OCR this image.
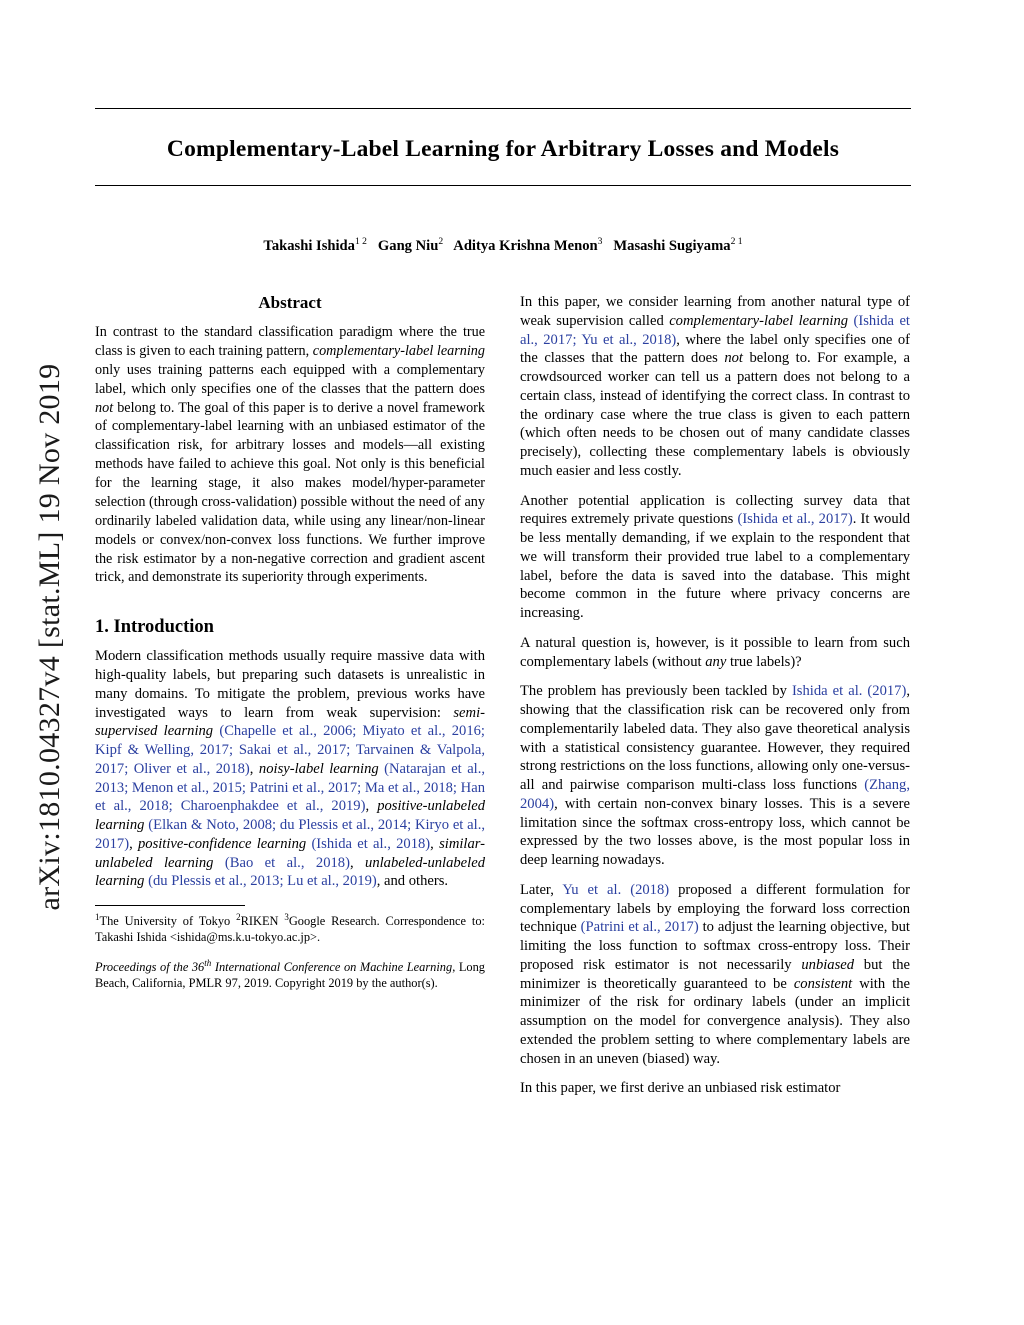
arXiv:1810.04327v4 [stat.ML] 19 Nov 2019
Complementary-Label Learning for Arbitrary Losses and Models
Takashi Ishida$^{1 2}$ Gang Niu$^2$ Aditya Krishna Menon$^3$ Masashi Sugiyama$^{2 1}$
Abstract

In contrast to the standard classification paradigm where the true class is given to each training pattern, complementary-label learning only uses training patterns each equipped with a complementary label, which only specifies one of the classes that the pattern does not belong to. The goal of this paper is to derive a novel framework of complementary-label learning with an unbiased estimator of the classification risk, for arbitrary losses and models—all existing methods have failed to achieve this goal. Not only is this beneficial for the learning stage, it also makes model/hyper-parameter selection (through cross-validation) possible without the need of any ordinarily labeled validation data, while using any linear/non-linear models or convex/non-convex loss functions. We further improve the risk estimator by a non-negative correction and gradient ascent trick, and demonstrate its superiority through experiments.

1. Introduction

Modern classification methods usually require massive data with high-quality labels, but preparing such datasets is unrealistic in many domains. To mitigate the problem, previous works have investigated ways to learn from weak supervision: semi-supervised learning (Chapelle et al., 2006; Miyato et al., 2016; Kipf & Welling, 2017; Sakai et al., 2017; Tarvainen & Valpola, 2017; Oliver et al., 2018), noisy-label learning (Natarajan et al., 2013; Menon et al., 2015; Patrini et al., 2017; Ma et al., 2018; Han et al., 2018; Charoenphakdee et al., 2019), positive-unlabeled learning (Elkan & Noto, 2008; du Plessis et al., 2014; Kiryo et al., 2017), positive-confidence learning (Ishida et al., 2018), similar-unlabeled learning (Bao et al., 2018), unlabeled-unlabeled learning (du Plessis et al., 2013; Lu et al., 2019), and others.

$^1$The University of Tokyo $^2$RIKEN $^3$Google Research. Correspondence to: Takashi Ishida <ishida@ms.k.u-tokyo.ac.jp>.

Proceedings of the 36th International Conference on Machine Learning, Long Beach, California, PMLR 97, 2019. Copyright 2019 by the author(s).

In this paper, we consider learning from another natural type of weak supervision called complementary-label learning (Ishida et al., 2017; Yu et al., 2018), where the label only specifies one of the classes that the pattern does not belong to. For example, a crowdsourced worker can tell us a pattern does not belong to a certain class, instead of identifying the correct class. In contrast to the ordinary case where the true class is given to each pattern (which often needs to be chosen out of many candidate classes precisely), collecting these complementary labels is obviously much easier and less costly.

Another potential application is collecting survey data that requires extremely private questions (Ishida et al., 2017). It would be less mentally demanding, if we explain to the respondent that we will transform their provided true label to a complementary label, before the data is saved into the database. This might become common in the future where privacy concerns are increasing.

A natural question is, however, is it possible to learn from such complementary labels (without any true labels)?

The problem has previously been tackled by Ishida et al. (2017), showing that the classification risk can be recovered only from complementarily labeled data. They also gave theoretical analysis with a statistical consistency guarantee. However, they required strong restrictions on the loss functions, allowing only one-versus-all and pairwise comparison multi-class loss functions (Zhang, 2004), with certain non-convex binary losses. This is a severe limitation since the softmax cross-entropy loss, which cannot be expressed by the two losses above, is the most popular loss in deep learning nowadays.

Later, Yu et al. (2018) proposed a different formulation for complementary labels by employing the forward loss correction technique (Patrini et al., 2017) to adjust the learning objective, but limiting the loss function to softmax cross-entropy loss. Their proposed risk estimator is not necessarily unbiased but the minimizer is theoretically guaranteed to be consistent with the minimizer of the risk for ordinary labels (under an implicit assumption on the model for convergence analysis). They also extended the problem setting to where complementary labels are chosen in an uneven (biased) way.

In this paper, we first derive an unbiased risk estimator
